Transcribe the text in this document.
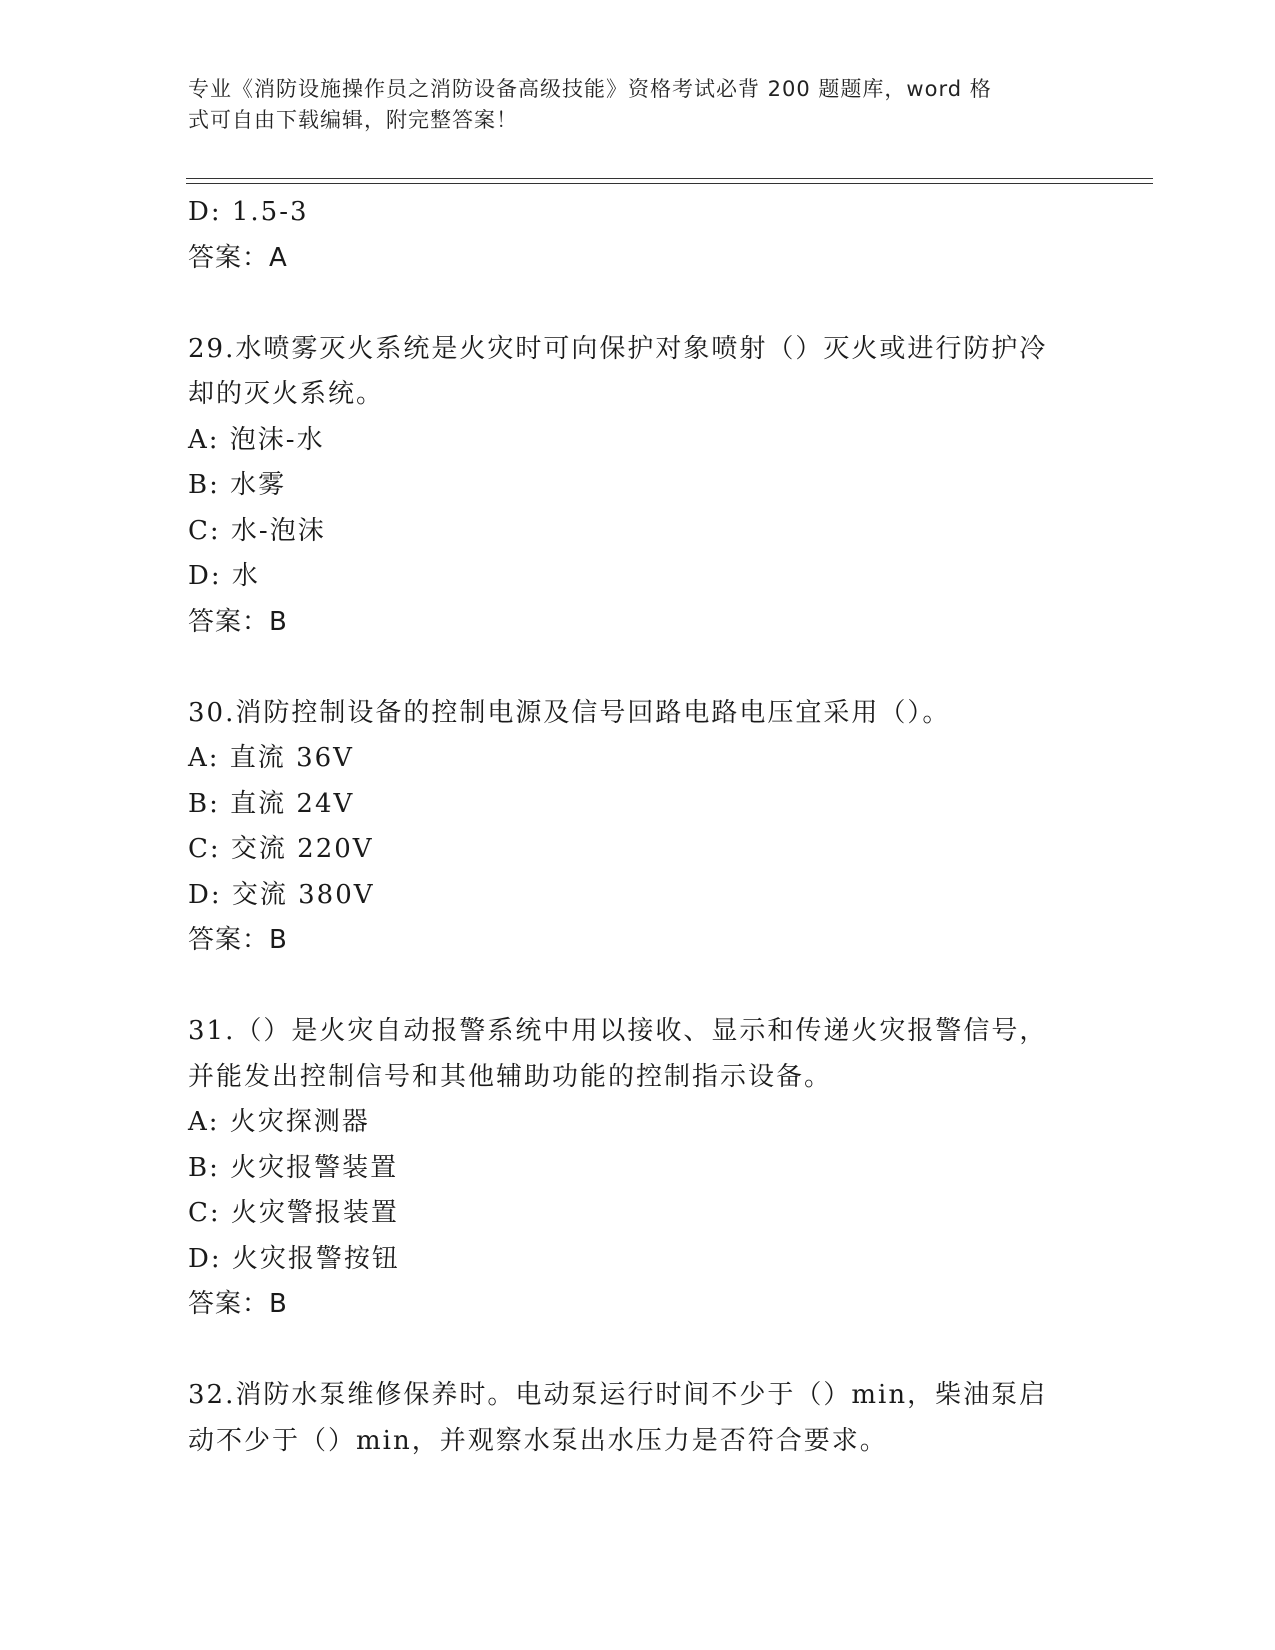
专业《消防设施操作员之消防设备高级技能》资格考试必背 200 题题库，word 格
式可自由下载编辑，附完整答案！
D: 1.5-3
答案：A
29.水喷雾灭火系统是火灾时可向保护对象喷射（）灭火或进行防护冷
却的灭火系统。
A: 泡沫-水
B: 水雾
C: 水-泡沫
D: 水
答案：B
30.消防控制设备的控制电源及信号回路电路电压宜采用（）。
A: 直流 36V
B: 直流 24V
C: 交流 220V
D: 交流 380V
答案：B
31.（）是火灾自动报警系统中用以接收、显示和传递火灾报警信号，
并能发出控制信号和其他辅助功能的控制指示设备。
A: 火灾探测器
B: 火灾报警装置
C: 火灾警报装置
D: 火灾报警按钮
答案：B
32.消防水泵维修保养时。电动泵运行时间不少于（）min，柴油泵启
动不少于（）min，并观察水泵出水压力是否符合要求。
